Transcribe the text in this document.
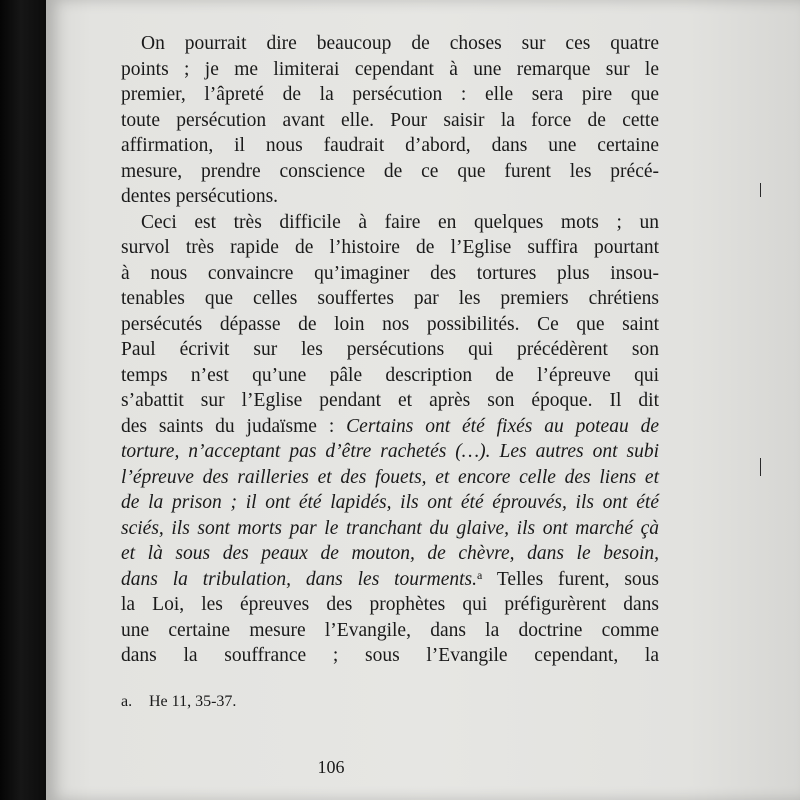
On pourrait dire beaucoup de choses sur ces quatre
points ; je me limiterai cependant à une remarque sur le
premier, l’âpreté de la persécution : elle sera pire que
toute persécution avant elle. Pour saisir la force de cette
affirmation, il nous faudrait d’abord, dans une certaine
mesure, prendre conscience de ce que furent les précé-
dentes persécutions.
Ceci est très difficile à faire en quelques mots ; un
survol très rapide de l’histoire de l’Eglise suffira pourtant
à nous convaincre qu’imaginer des tortures plus insou-
tenables que celles souffertes par les premiers chrétiens
persécutés dépasse de loin nos possibilités. Ce que saint
Paul écrivit sur les persécutions qui précédèrent son
temps n’est qu’une pâle description de l’épreuve qui
s’abattit sur l’Eglise pendant et après son époque. Il dit
des saints du judaïsme : Certains ont été fixés au poteau de
torture, n’acceptant pas d’être rachetés (…). Les autres ont subi
l’épreuve des railleries et des fouets, et encore celle des liens et
de la prison ; il ont été lapidés, ils ont été éprouvés, ils ont été
sciés, ils sont morts par le tranchant du glaive, ils ont marché çà
et là sous des peaux de mouton, de chèvre, dans le besoin,
dans la tribulation, dans les tourments.$^a$ Telles furent, sous
la Loi, les épreuves des prophètes qui préfigurèrent dans
une certaine mesure l’Evangile, dans la doctrine comme
dans la souffrance ; sous l’Evangile cependant, la
a. He 11, 35-37.
106
